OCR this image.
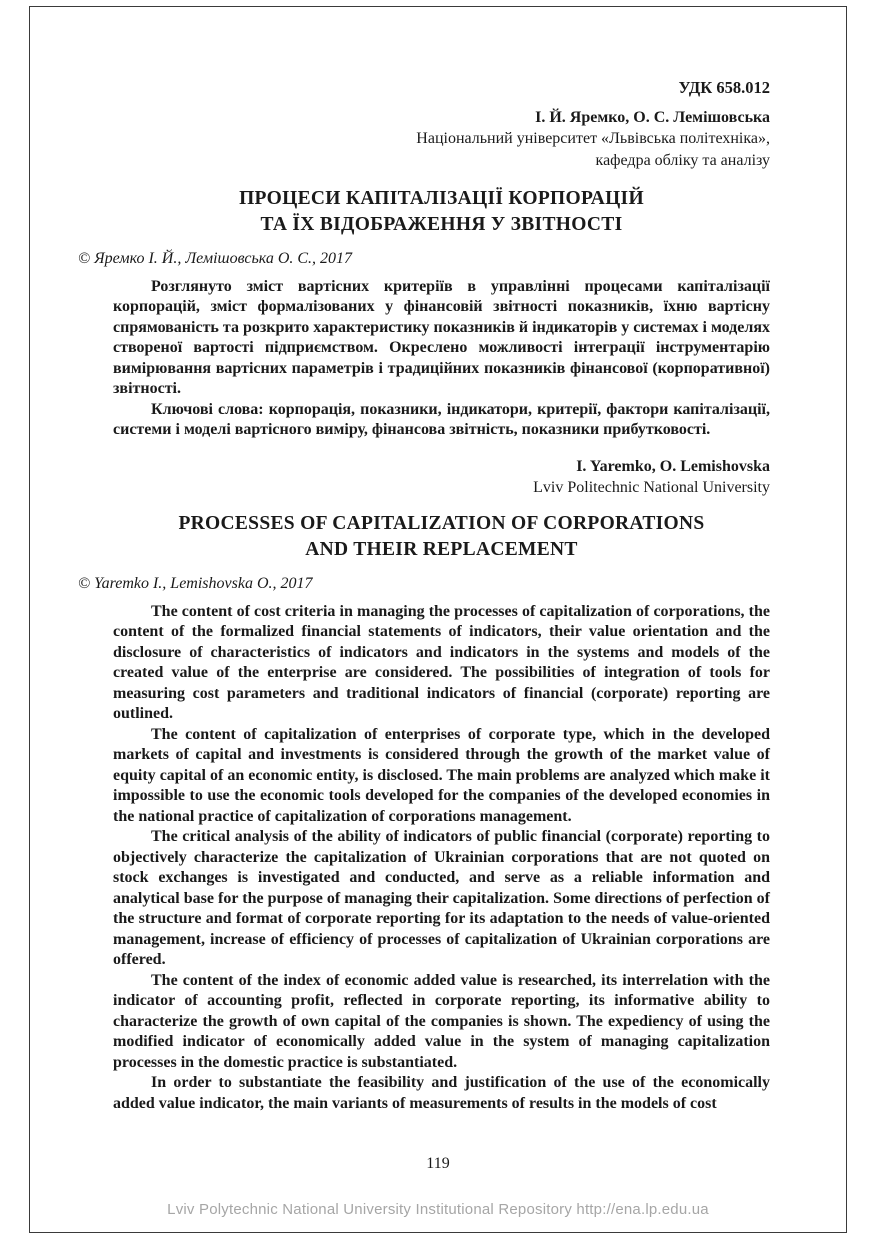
УДК 658.012
І. Й. Яремко, О. С. Лемішовська
Національний університет «Львівська політехніка»,
кафедра обліку та аналізу
ПРОЦЕСИ КАПІТАЛІЗАЦІЇ КОРПОРАЦІЙ
ТА ЇХ ВІДОБРАЖЕННЯ У ЗВІТНОСТІ
© Яремко І. Й., Лемішовська О. С., 2017

Розглянуто зміст вартісних критеріїв в управлінні процесами капіталізації корпорацій, зміст формалізованих у фінансовій звітності показників, їхню вартісну спрямованість та розкрито характеристику показників й індикаторів у системах і моделях створеної вартості підприємством. Окреслено можливості інтеграції інструментарію вимірювання вартісних параметрів і традиційних показників фінансової (корпоративної) звітності.

Ключові слова: корпорація, показники, індикатори, критерії, фактори капіталізації, системи і моделі вартісного виміру, фінансова звітність, показники прибутковості.

I. Yaremko, O. Lemishovska
Lviv Politechnic National University
PROCESSES OF CAPITALIZATION OF CORPORATIONS
AND THEIR REPLACEMENT
© Yaremko I., Lemishovska O., 2017

The content of cost criteria in managing the processes of capitalization of corporations, the content of the formalized financial statements of indicators, their value orientation and the disclosure of characteristics of indicators and indicators in the systems and models of the created value of the enterprise are considered. The possibilities of integration of tools for measuring cost parameters and traditional indicators of financial (corporate) reporting are outlined.

The content of capitalization of enterprises of corporate type, which in the developed markets of capital and investments is considered through the growth of the market value of equity capital of an economic entity, is disclosed. The main problems are analyzed which make it impossible to use the economic tools developed for the companies of the developed economies in the national practice of capitalization of corporations management.

The critical analysis of the ability of indicators of public financial (corporate) reporting to objectively characterize the capitalization of Ukrainian corporations that are not quoted on stock exchanges is investigated and conducted, and serve as a reliable information and analytical base for the purpose of managing their capitalization. Some directions of perfection of the structure and format of corporate reporting for its adaptation to the needs of value-oriented management, increase of efficiency of processes of capitalization of Ukrainian corporations are offered.

The content of the index of economic added value is researched, its interrelation with the indicator of accounting profit, reflected in corporate reporting, its informative ability to characterize the growth of own capital of the companies is shown. The expediency of using the modified indicator of economically added value in the system of managing capitalization processes in the domestic practice is substantiated.

In order to substantiate the feasibility and justification of the use of the economically added value indicator, the main variants of measurements of results in the models of cost

119
Lviv Polytechnic National University Institutional Repository http://ena.lp.edu.ua
